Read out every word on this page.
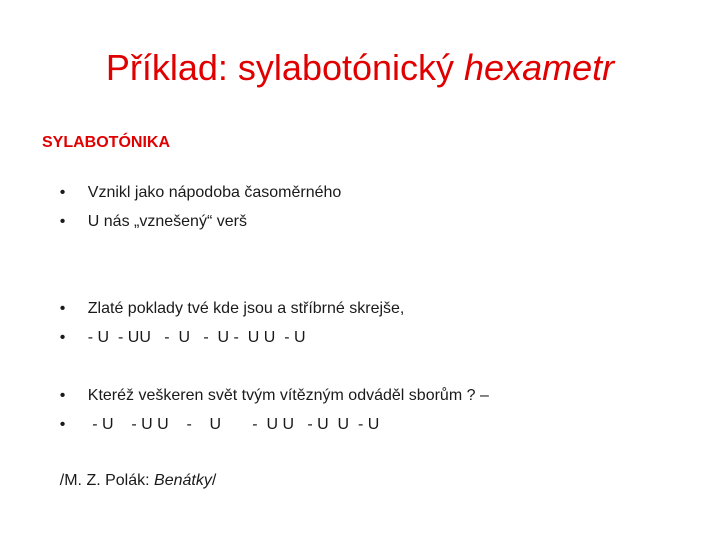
Příklad: sylabotónický hexametr
SYLABOTÓNIKA

• Vznikl jako nápodoba časoměrného

• U nás „vznešený“ verš

• Zlaté poklady tvé kde jsou a stříbrné skrejše,

• - U  - UU   -  U   -  U -  U U  - U

• Kteréž veškeren svět tvým vítězným odváděl sborům ? –

• - U    - U U    -    U       -  U U   - U  U  - U

/M. Z. Polák: Benátky/
